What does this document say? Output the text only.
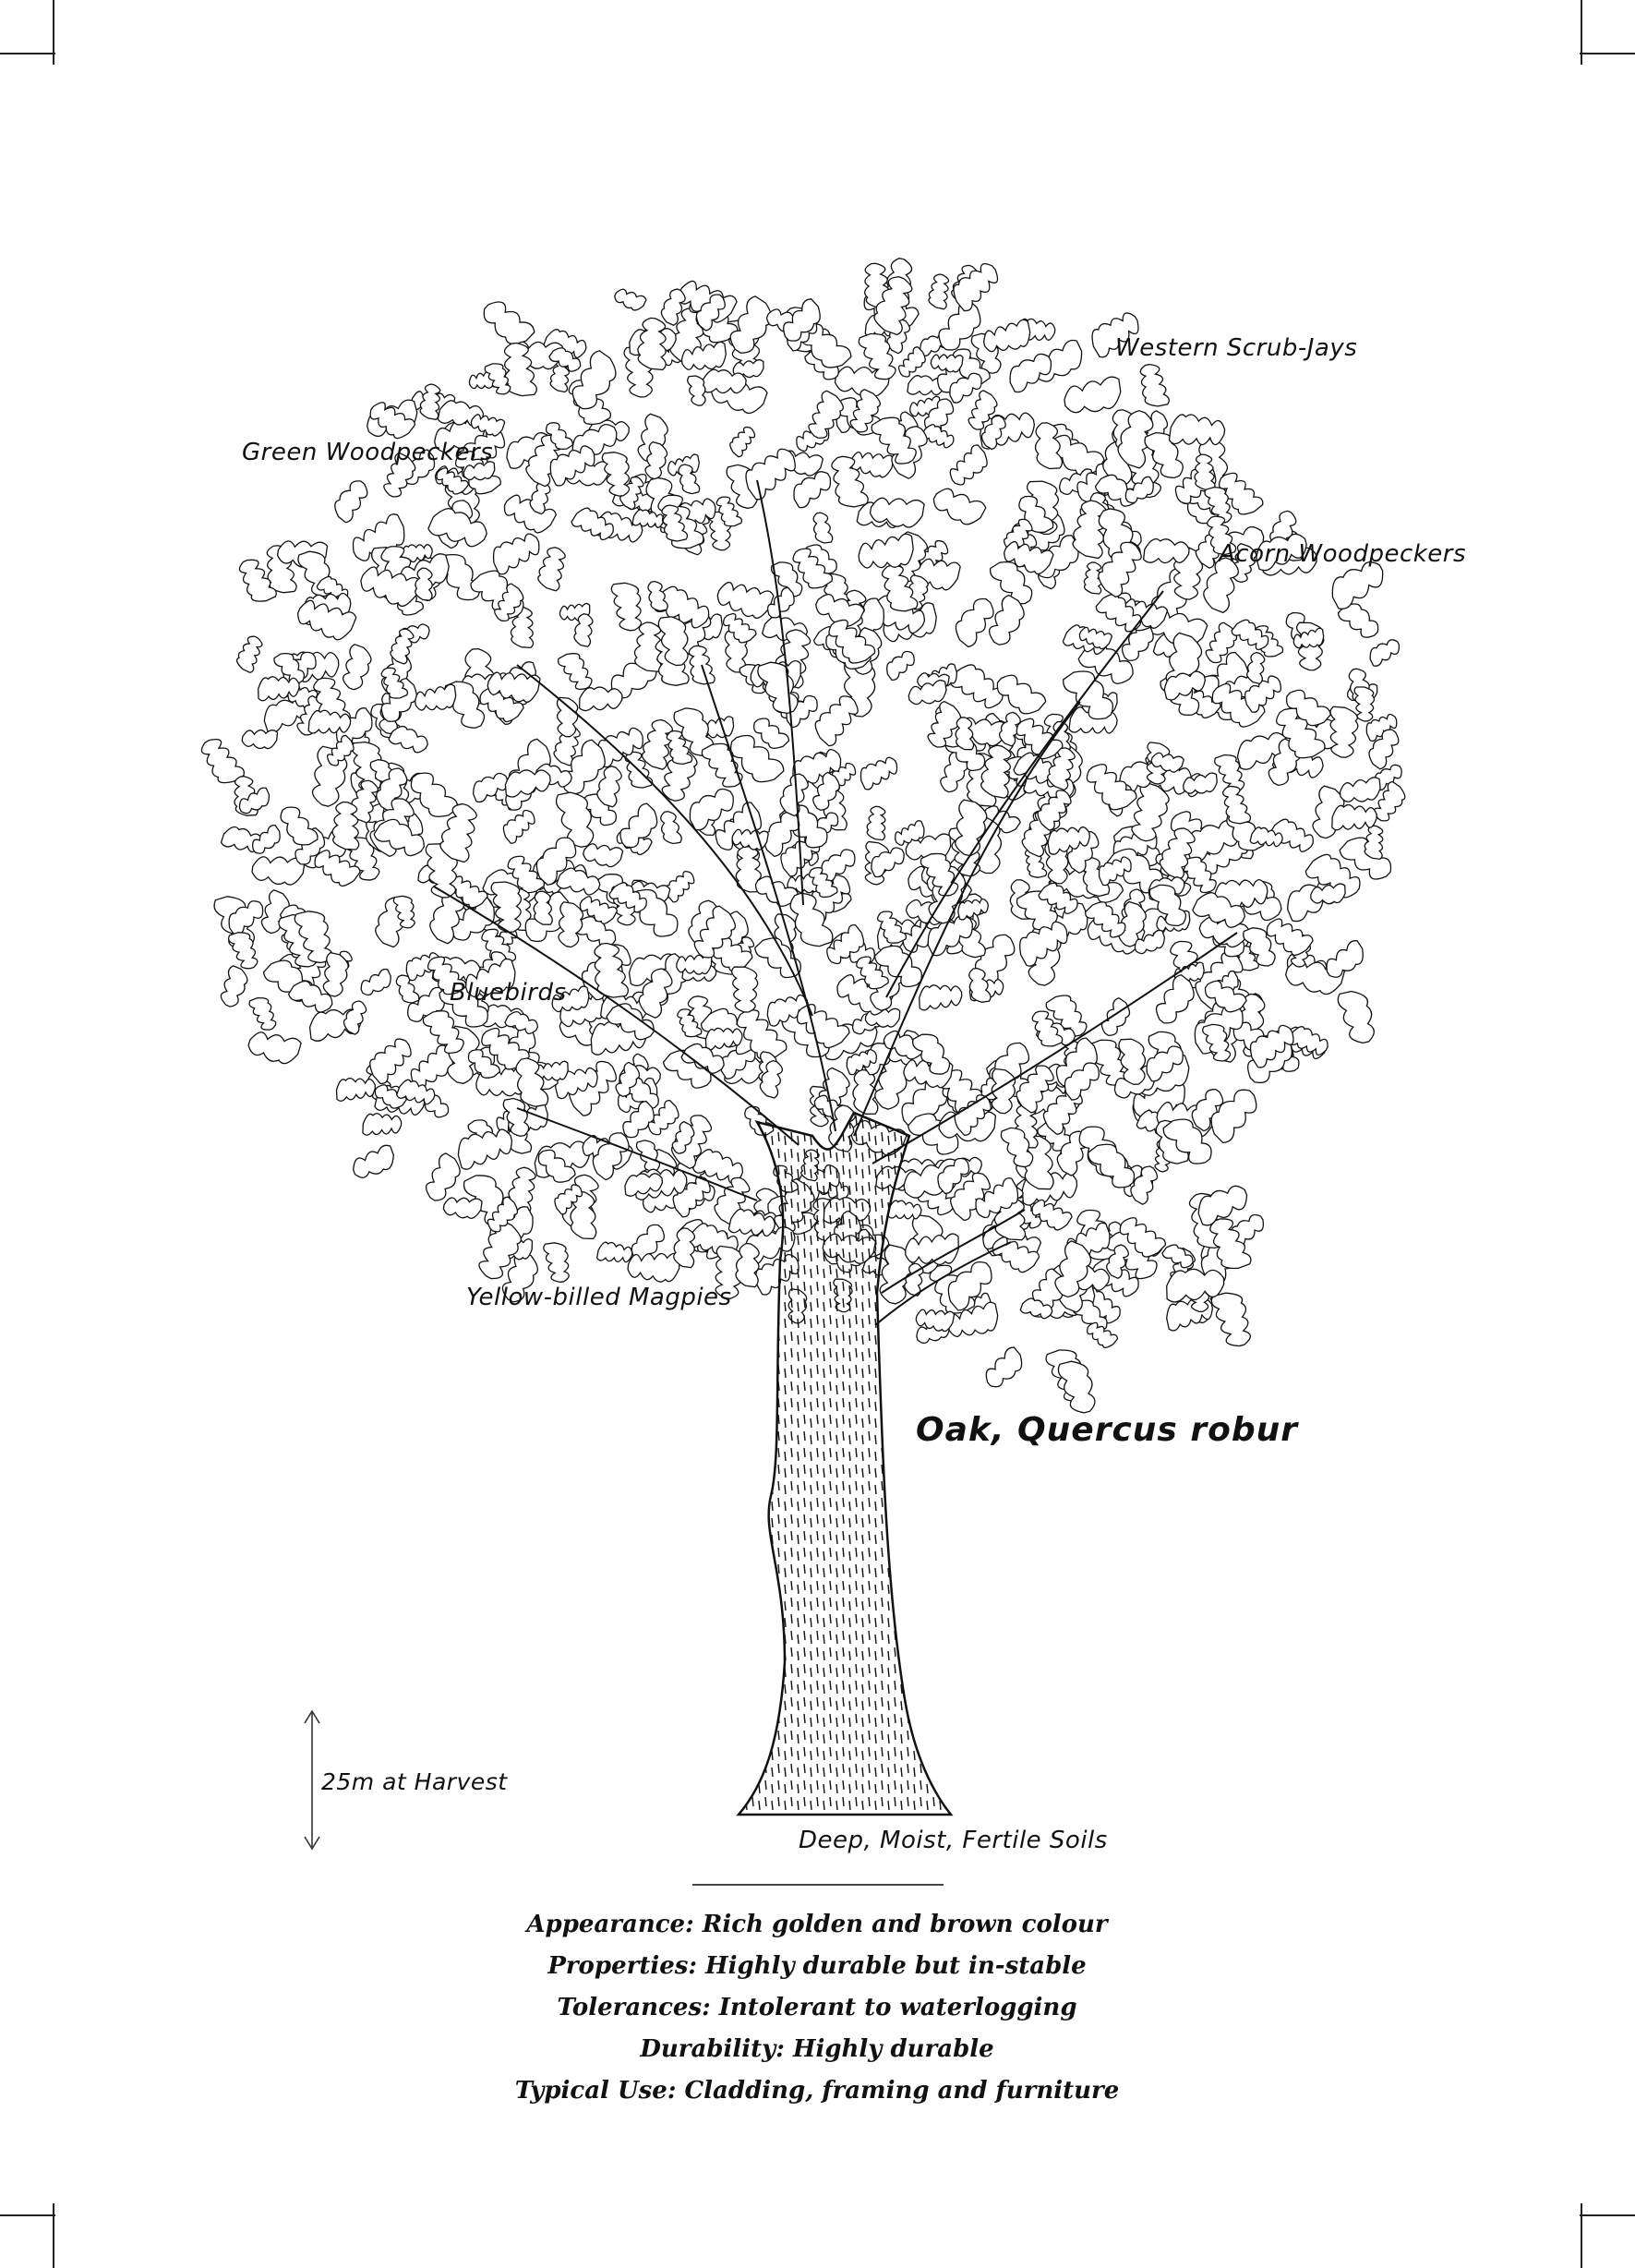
Western Scrub-Jays
Green Woodpeckers
Acorn Woodpeckers
Bluebirds
Yellow-billed Magpies
Oak, Quercus robur
25m at Harvest
Deep, Moist, Fertile Soils
Appearance: Rich golden and brown colour
Properties: Highly durable but in-stable
Tolerances: Intolerant to waterlogging
Durability: Highly durable
Typical Use: Cladding, framing and furniture
